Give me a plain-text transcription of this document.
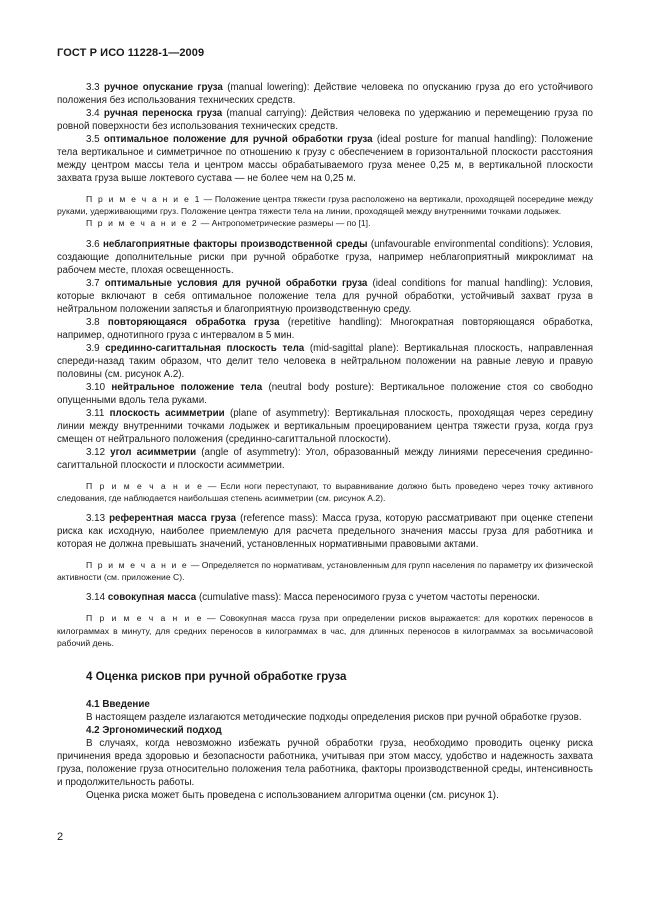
ГОСТ Р ИСО 11228-1—2009

3.3 ручное опускание груза (manual lowering): Действие человека по опусканию груза до его устойчивого положения без использования технических средств.

3.4 ручная переноска груза (manual carrying): Действия человека по удержанию и перемещению груза по ровной поверхности без использования технических средств.

3.5 оптимальное положение для ручной обработки груза (ideal posture for manual handling): Положение тела вертикальное и симметричное по отношению к грузу с обеспечением в горизонтальной плоскости расстояния между центром массы тела и центром массы обрабатываемого груза менее 0,25 м, в вертикальной плоскости захвата груза выше локтевого сустава — не более чем на 0,25 м.

П р и м е ч а н и е 1 — Положение центра тяжести груза расположено на вертикали, проходящей посередине между руками, удерживающими груз. Положение центра тяжести тела на линии, проходящей между внутренними точками лодыжек.

П р и м е ч а н и е 2 — Антропометрические размеры — по [1].

3.6 неблагоприятные факторы производственной среды (unfavourable environmental conditions): Условия, создающие дополнительные риски при ручной обработке груза, например неблагоприятный микроклимат на рабочем месте, плохая освещенность.

3.7 оптимальные условия для ручной обработки груза (ideal conditions for manual handling): Условия, которые включают в себя оптимальное положение тела для ручной обработки, устойчивый захват груза в нейтральном положении запястья и благоприятную производственную среду.

3.8 повторяющаяся обработка груза (repetitive handling): Многократная повторяющаяся обработка, например, однотипного груза с интервалом в 5 мин.

3.9 срединно-сагиттальная плоскость тела (mid-sagittal plane): Вертикальная плоскость, направленная спереди-назад таким образом, что делит тело человека в нейтральном положении на равные левую и правую половины (см. рисунок А.2).

3.10 нейтральное положение тела (neutral body posture): Вертикальное положение стоя со свободно опущенными вдоль тела руками.

3.11 плоскость асимметрии (plane of asymmetry): Вертикальная плоскость, проходящая через середину линии между внутренними точками лодыжек и вертикальным проецированием центра тяжести груза, когда груз смещен от нейтрального положения (срединно-сагиттальной плоскости).

3.12 угол асимметрии (angle of asymmetry): Угол, образованный между линиями пересечения срединно-сагиттальной плоскости и плоскости асимметрии.

П р и м е ч а н и е — Если ноги переступают, то выравнивание должно быть проведено через точку активного следования, где наблюдается наибольшая степень асимметрии (см. рисунок А.2).

3.13 референтная масса груза (reference mass): Масса груза, которую рассматривают при оценке степени риска как исходную, наиболее приемлемую для расчета предельного значения массы груза для работника и которая не должна превышать значений, установленных нормативными правовыми актами.

П р и м е ч а н и е — Определяется по нормативам, установленным для групп населения по параметру их физической активности (см. приложение С).

3.14 совокупная масса (cumulative mass): Масса переносимого груза с учетом частоты переноски.

П р и м е ч а н и е — Совокупная масса груза при определении рисков выражается: для коротких переносов в килограммах в минуту, для средних переносов в килограммах в час, для длинных переносов в килограммах за восьмичасовой рабочий день.

4 Оценка рисков при ручной обработке груза

4.1 Введение

В настоящем разделе излагаются методические подходы определения рисков при ручной обработке грузов.

4.2 Эргономический подход

В случаях, когда невозможно избежать ручной обработки груза, необходимо проводить оценку риска причинения вреда здоровью и безопасности работника, учитывая при этом массу, удобство и надежность захвата груза, положение груза относительно положения тела работника, факторы производственной среды, интенсивность и продолжительность работы.

Оценка риска может быть проведена с использованием алгоритма оценки (см. рисунок 1).

2
